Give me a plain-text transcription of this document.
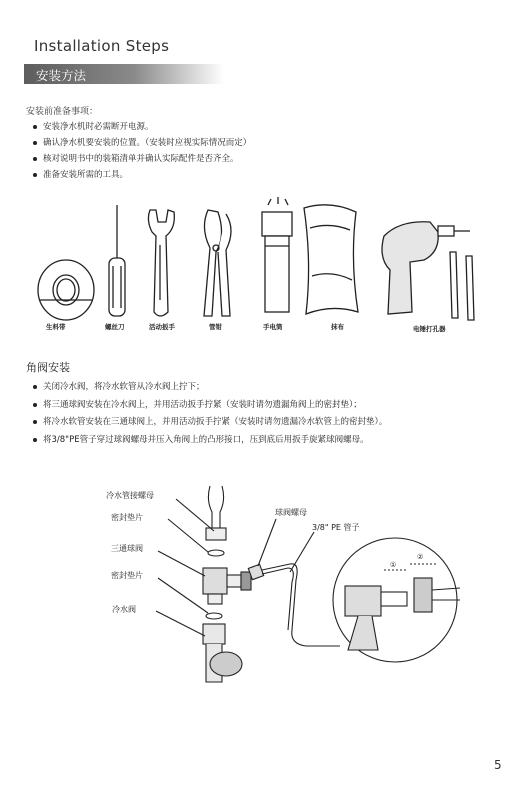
Installation Steps
安装方法
安装前准备事项：
安装净水机时必需断开电源。
确认净水机要安装的位置。（安装时应视实际情况而定）
核对说明书中的装箱清单并确认实际配件是否齐全。
准备安装所需的工具。
生料带	螺丝刀	活动扳手	管钳	手电筒	抹布	电锤打孔器
角阀安装
关闭冷水阀，将冷水软管从冷水阀上拧下；
将三通球阀安装在冷水阀上，并用活动扳手拧紧（安装时请勿遗漏角阀上的密封垫）；
将冷水软管安装在三通球阀上，并用活动扳手拧紧（安装时请勿遗漏冷水软管上的密封垫）。
将3/8"PE管子穿过球阀螺母并压入角阀上的凸形接口，压到底后用扳手旋紧球阀螺母。
冷水管接螺母
密封垫片
三通球阀
密封垫片
冷水阀
球阀螺母
3/8" PE 管子
①
②
5
